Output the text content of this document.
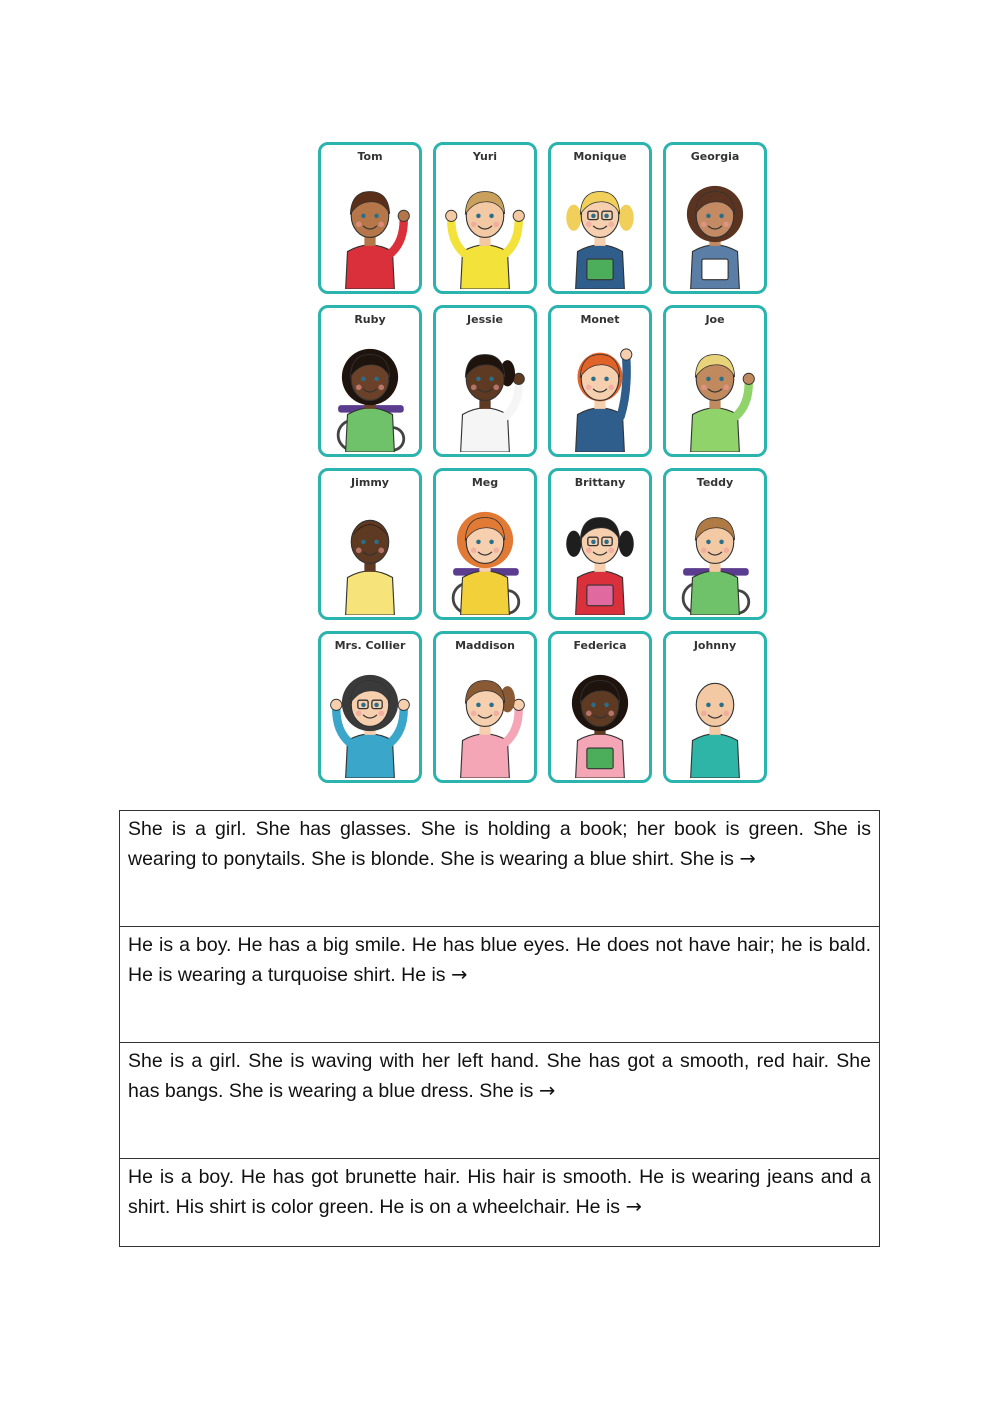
Tom	Yuri	Monique	Georgia
Ruby	Jessie	Monet	Joe
Jimmy	Meg	Brittany	Teddy
Mrs. Collier	Maddison	Federica	Johnny
She is a girl. She has glasses. She is holding a book; her book is green. She is wearing to ponytails. She is blonde. She is wearing a blue shirt. She is →
He is a boy. He has a big smile. He has blue eyes. He does not have hair; he is bald. He is wearing a turquoise shirt. He is →
She is a girl. She is waving with her left hand. She has got a smooth, red hair. She has bangs. She is wearing a blue dress. She is →
He is a boy. He has got brunette hair. His hair is smooth. He is wearing jeans and a shirt. His shirt is color green. He is on a wheelchair. He is →
